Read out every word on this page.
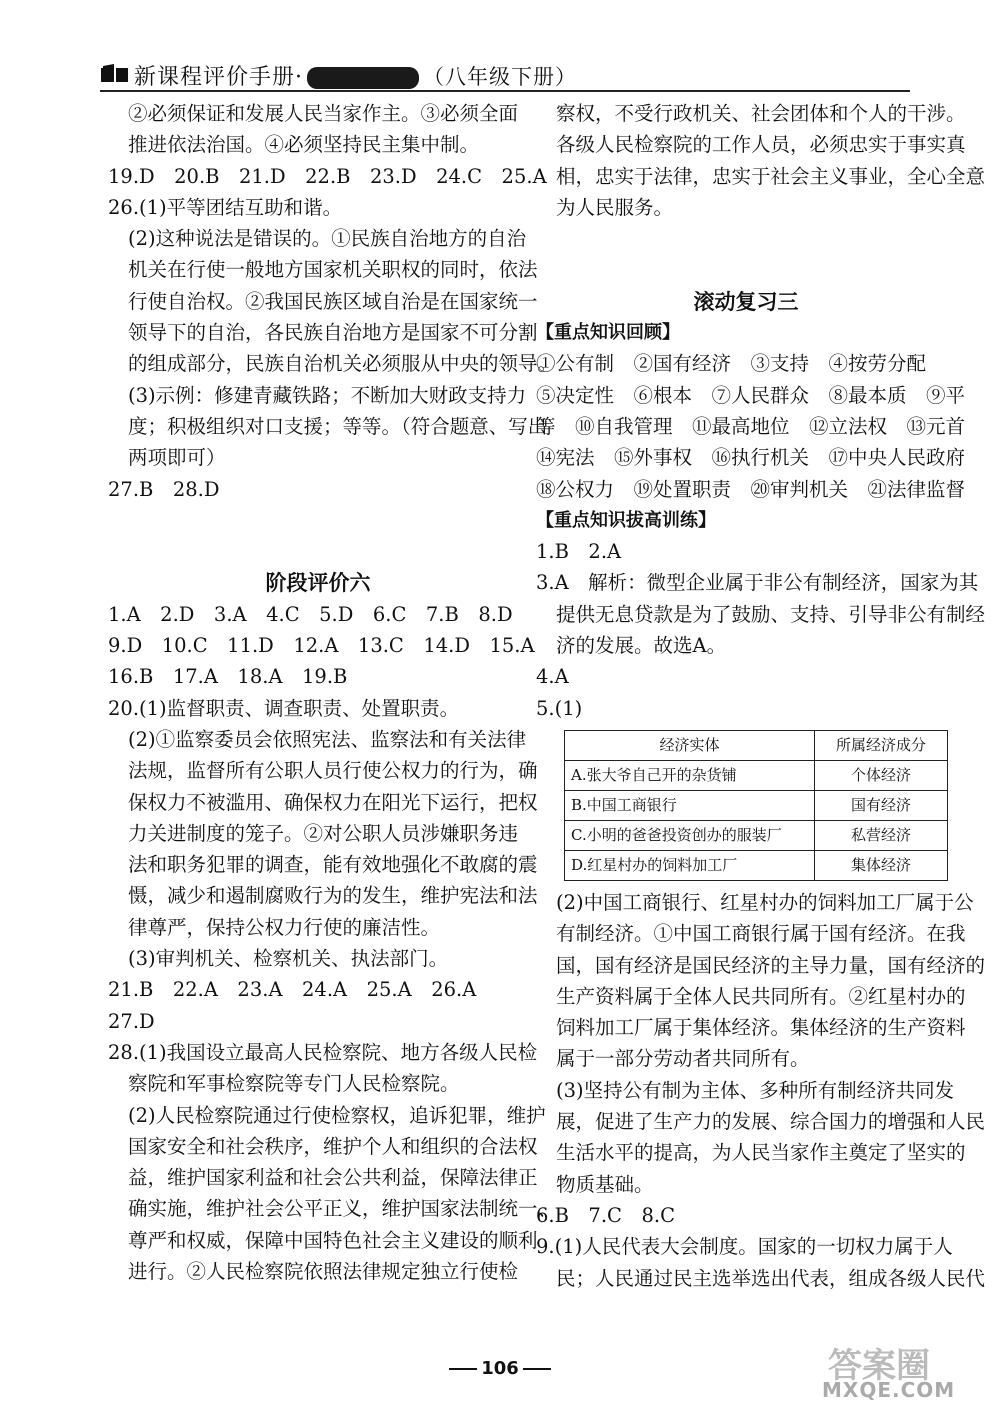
新课程评价手册·	（八年级下册）
②必须保证和发展人民当家作主。③必须全面
推进依法治国。④必须坚持民主集中制。
19.D　20.B　21.D　22.B　23.D　24.C　25.A
26.(1)平等团结互助和谐。
(2)这种说法是错误的。①民族自治地方的自治
机关在行使一般地方国家机关职权的同时，依法
行使自治权。②我国民族区域自治是在国家统一
领导下的自治，各民族自治地方是国家不可分割
的组成部分，民族自治机关必须服从中央的领导。
(3)示例：修建青藏铁路；不断加大财政支持力
度；积极组织对口支援；等等。（符合题意、写出
两项即可）
27.B　28.D
阶段评价六
1.A　2.D　3.A　4.C　5.D　6.C　7.B　8.D
9.D　10.C　11.D　12.A　13.C　14.D　15.A
16.B　17.A　18.A　19.B
20.(1)监督职责、调查职责、处置职责。
(2)①监察委员会依照宪法、监察法和有关法律
法规，监督所有公职人员行使公权力的行为，确
保权力不被滥用、确保权力在阳光下运行，把权
力关进制度的笼子。②对公职人员涉嫌职务违
法和职务犯罪的调查，能有效地强化不敢腐的震
慑，减少和遏制腐败行为的发生，维护宪法和法
律尊严，保持公权力行使的廉洁性。
(3)审判机关、检察机关、执法部门。
21.B　22.A　23.A　24.A　25.A　26.A
27.D
28.(1)我国设立最高人民检察院、地方各级人民检
察院和军事检察院等专门人民检察院。
(2)人民检察院通过行使检察权，追诉犯罪，维护
国家安全和社会秩序，维护个人和组织的合法权
益，维护国家利益和社会公共利益，保障法律正
确实施，维护社会公平正义，维护国家法制统一、
尊严和权威，保障中国特色社会主义建设的顺利
进行。②人民检察院依照法律规定独立行使检
察权，不受行政机关、社会团体和个人的干涉。
各级人民检察院的工作人员，必须忠实于事实真
相，忠实于法律，忠实于社会主义事业，全心全意
为人民服务。
滚动复习三
【重点知识回顾】
①公有制　②国有经济　③支持　④按劳分配
⑤决定性　⑥根本　⑦人民群众　⑧最本质　⑨平
等　⑩自我管理　⑪最高地位　⑫立法权　⑬元首
⑭宪法　⑮外事权　⑯执行机关　⑰中央人民政府
⑱公权力　⑲处置职责　⑳审判机关　㉑法律监督
【重点知识拔高训练】
1.B　2.A
3.A　解析：微型企业属于非公有制经济，国家为其
提供无息贷款是为了鼓励、支持、引导非公有制经
济的发展。故选A。
4.A
5.(1)
经济实体	所属经济成分
A.张大爷自己开的杂货铺	个体经济
B.中国工商银行	国有经济
C.小明的爸爸投资创办的服装厂	私营经济
D.红星村办的饲料加工厂	集体经济
(2)中国工商银行、红星村办的饲料加工厂属于公
有制经济。①中国工商银行属于国有经济。在我
国，国有经济是国民经济的主导力量，国有经济的
生产资料属于全体人民共同所有。②红星村办的
饲料加工厂属于集体经济。集体经济的生产资料
属于一部分劳动者共同所有。
(3)坚持公有制为主体、多种所有制经济共同发
展，促进了生产力的发展、综合国力的增强和人民
生活水平的提高，为人民当家作主奠定了坚实的
物质基础。
6.B　7.C　8.C
9.(1)人民代表大会制度。国家的一切权力属于人
民；人民通过民主选举选出代表，组成各级人民代
106	答案圈
MXQE.COM
